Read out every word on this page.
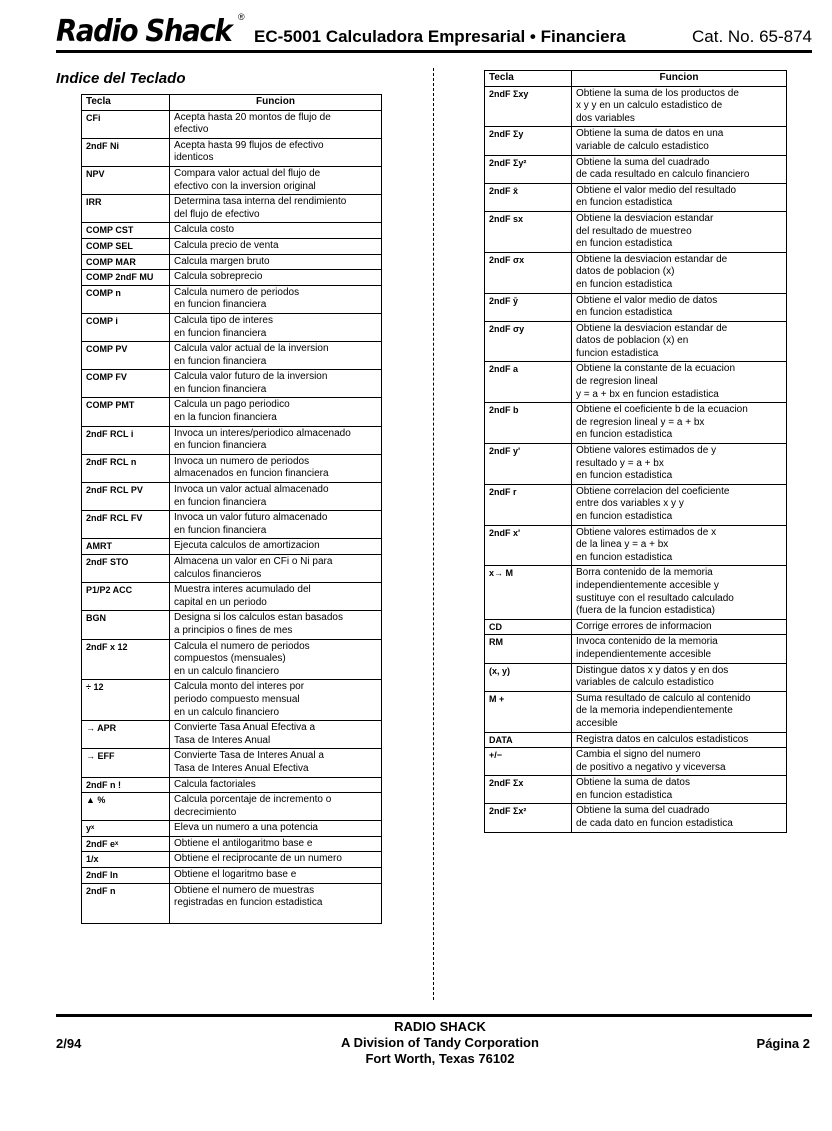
Radio Shack ®
EC-5001 Calculadora Empresarial • Financiera	Cat. No. 65-874
Indice del Teclado
Tecla	Funcion
CFi	Acepta hasta 20 montos de flujo de
efectivo
2ndF Ni	Acepta hasta 99 flujos de efectivo
identicos
NPV	Compara valor actual del flujo de
efectivo con la inversion original
IRR	Determina tasa interna del rendimiento
del flujo de efectivo
COMP CST	Calcula costo
COMP SEL	Calcula precio de venta
COMP MAR	Calcula margen bruto
COMP 2ndF MU	Calcula sobreprecio
COMP n	Calcula numero de periodos
en funcion financiera
COMP i	Calcula tipo de interes
en funcion financiera
COMP PV	Calcula valor actual de la inversion
en funcion financiera
COMP FV	Calcula valor futuro de la inversion
en funcion financiera
COMP PMT	Calcula un pago periodico
en la funcion financiera
2ndF RCL i	Invoca un interes/periodico almacenado
en funcion financiera
2ndF RCL n	Invoca un numero de periodos
almacenados en funcion financiera
2ndF RCL PV	Invoca un valor actual almacenado
en funcion financiera
2ndF RCL FV	Invoca un valor futuro almacenado
en funcion financiera
AMRT	Ejecuta calculos de amortizacion
2ndF STO	Almacena un valor en CFi o Ni para
calculos financieros
P1/P2 ACC	Muestra interes acumulado del
capital en un periodo
BGN	Designa si los calculos estan basados
a principios o fines de mes
2ndF x 12	Calcula el numero de periodos
compuestos (mensuales)
en un calculo financiero
÷ 12	Calcula monto del interes por
periodo compuesto mensual
en un calculo financiero
→ APR	Convierte Tasa Anual Efectiva a
Tasa de Interes Anual
→ EFF	Convierte Tasa de Interes Anual a
Tasa de Interes Anual Efectiva
2ndF n !	Calcula factoriales
▲ %	Calcula porcentaje de incremento o
decrecimiento
yˣ	Eleva un numero a una potencia
2ndF eˣ	Obtiene el antilogaritmo base e
1/x	Obtiene el reciprocante de un numero
2ndF ln	Obtiene el logaritmo base e
2ndF n	Obtiene el numero de muestras
registradas en funcion estadistica

Tecla	Funcion
2ndF Σxy	Obtiene la suma de los productos de
x y y en un calculo estadistico de
dos variables
2ndF Σy	Obtiene la suma de datos en una
variable de calculo estadistico
2ndF Σy²	Obtiene la suma del cuadrado
de cada resultado en calculo financiero
2ndF x̄	Obtiene el valor medio del resultado
en funcion estadistica
2ndF sx	Obtiene la desviacion estandar
del resultado de muestreo
en funcion estadistica
2ndF σx	Obtiene la desviacion estandar de
datos de poblacion (x)
en funcion estadistica
2ndF ȳ	Obtiene el valor medio de datos
en funcion estadistica
2ndF σy	Obtiene la desviacion estandar de
datos de poblacion (x) en
funcion estadistica
2ndF a	Obtiene la constante de la ecuacion
de regresion lineal
y = a + bx en funcion estadistica
2ndF b	Obtiene el coeficiente b de la ecuacion
de regresion lineal y = a + bx
en funcion estadistica
2ndF y'	Obtiene valores estimados de y
resultado y = a + bx
en funcion estadistica
2ndF r	Obtiene correlacion del coeficiente
entre dos variables x y y
en funcion estadistica
2ndF x'	Obtiene valores estimados de x
de la linea y = a + bx
en funcion estadistica
x→ M	Borra contenido de la memoria
independientemente accesible y
sustituye con el resultado calculado
(fuera de la funcion estadistica)
CD	Corrige errores de informacion
RM	Invoca contenido de la memoria
independientemente accesible
(x, y)	Distingue datos x y datos y en dos
variables de calculo estadistico
M +	Suma resultado de calculo al contenido
de la memoria independientemente
accesible
DATA	Registra datos en calculos estadisticos
+/−	Cambia el signo del numero
de positivo a negativo y viceversa
2ndF Σx	Obtiene la suma de datos
en funcion estadistica
2ndF Σx²	Obtiene la suma del cuadrado
de cada dato en funcion estadistica
2/94
RADIO SHACK
A Division of Tandy Corporation
Fort Worth, Texas 76102
Página 2
